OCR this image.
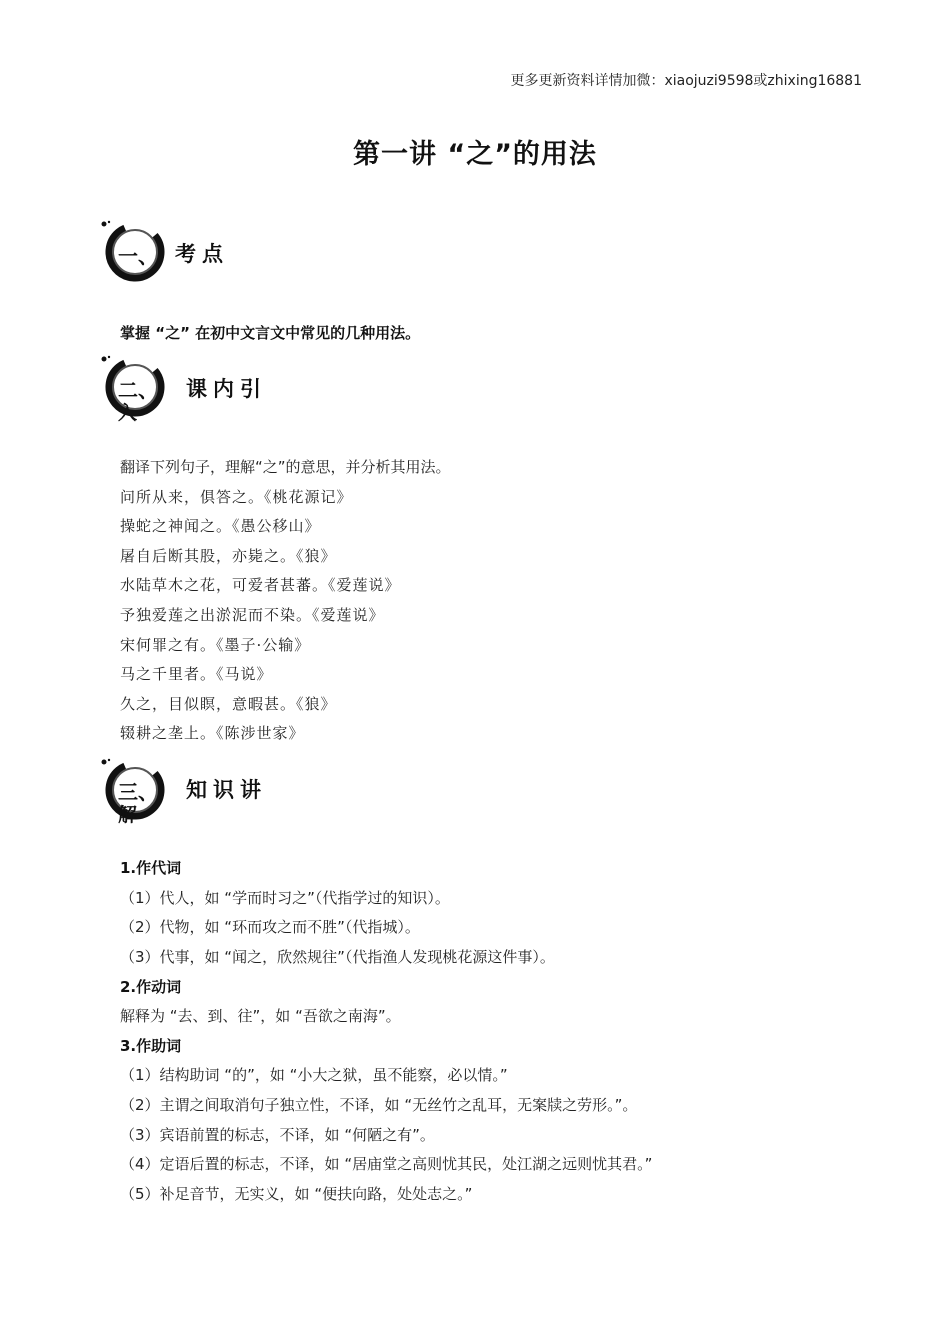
更多更新资料详情加微：xiaojuzi9598或zhixing16881
第一讲 “之”的用法
一、 考点
掌握 “之” 在初中文言文中常见的几种用法。
二、 课内引
入
翻译下列句子，理解“之”的意思，并分析其用法。
问所从来，俱答之。《桃花源记》
操蛇之神闻之。《愚公移山》
屠自后断其股，亦毙之。《狼》
水陆草木之花，可爱者甚蕃。《爱莲说》
予独爱莲之出淤泥而不染。《爱莲说》
宋何罪之有。《墨子·公输》
马之千里者。《马说》
久之，目似瞑，意暇甚。《狼》
辍耕之垄上。《陈涉世家》
三、 知识讲
解
1.作代词
（1）代人，如 “学而时习之”（代指学过的知识）。
（2）代物，如 “环而攻之而不胜”（代指城）。
（3）代事，如 “闻之，欣然规往”（代指渔人发现桃花源这件事）。
2.作动词
解释为 “去、到、往”，如 “吾欲之南海”。
3.作助词
（1）结构助词 “的”，如 “小大之狱，虽不能察，必以情。”
（2）主谓之间取消句子独立性，不译，如 “无丝竹之乱耳，无案牍之劳形。”。
（3）宾语前置的标志，不译，如 “何陋之有”。
（4）定语后置的标志，不译，如 “居庙堂之高则忧其民，处江湖之远则忧其君。”
（5）补足音节，无实义，如 “便扶向路，处处志之。”
